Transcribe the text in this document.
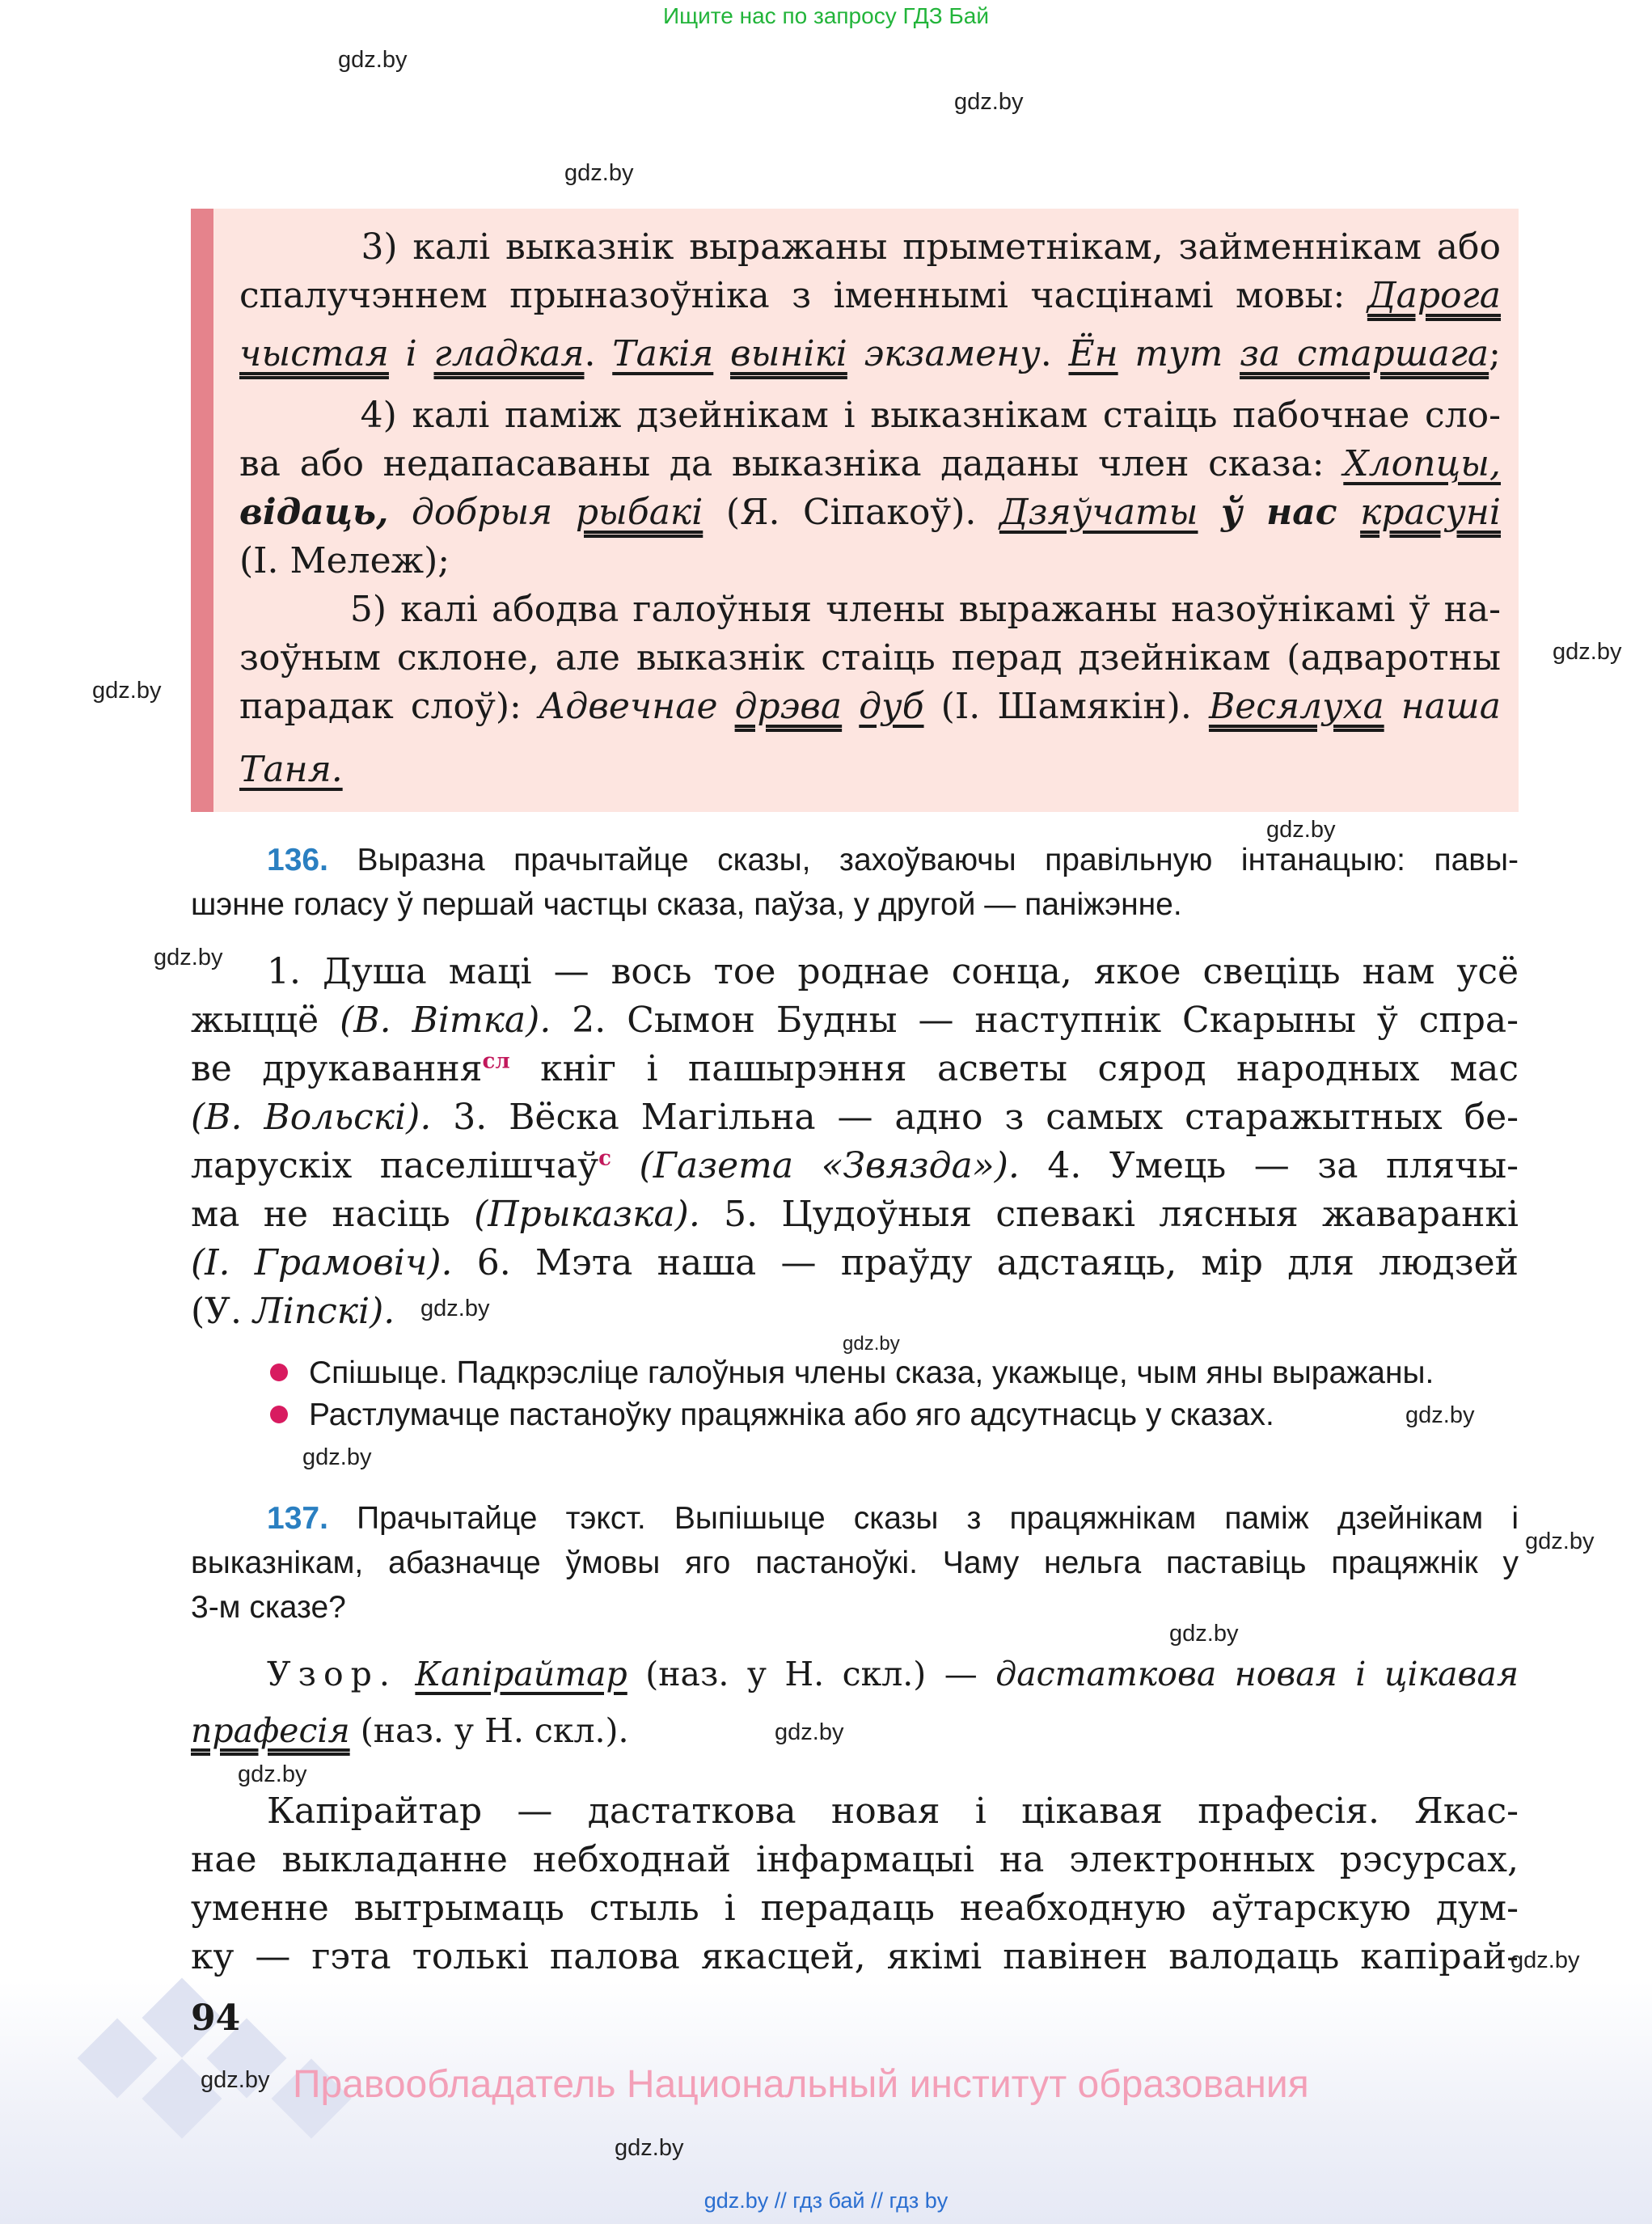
Ищите нас по запросу ГДЗ Бай
gdz.by
gdz.by
gdz.by
gdz.by
gdz.by
gdz.by
gdz.by
gdz.by
gdz.by
gdz.by
gdz.by
gdz.by
gdz.by
gdz.by
gdz.by
gdz.by
3) калі выказнік выражаны прыметнікам, займеннікам або
спалучэннем прыназоўніка з іменнымі часцінамі мовы: Дарога
чыстая і гладкая. Такія вынікі экзамену. Ён тут за старшага;
4) калі паміж дзейнікам і выказнікам стаіць пабочнае сло-
ва або недапасаваны да выказніка даданы член сказа: Хлопцы,
відаць, добрыя рыбакі (Я. Сіпакоў). Дзяўчаты ў нас красуні
(І. Мележ);
5) калі абодва галоўныя члены выражаны назоўнікамі ў на-
зоўным склоне, але выказнік стаіць перад дзейнікам (адваротны
парадак слоў): Адвечнае дрэва дуб (І. Шамякін). Весялуха наша
Таня.
136. Выразна прачытайце сказы, захоўваючы правільную інтанацыю: павы-
шэнне голасу ў першай частцы сказа, паўза, у другой — паніжэнне.
1. Душа маці — вось тое роднае сонца, якое свеціць нам усё
жыццё (В. Вітка). 2. Сымон Будны — наступнік Скарыны ў спра-
ве друкавання$^{сл}$ кніг і пашырэння асветы сярод народных мас
(В. Вольскі). 3. Вёска Магільна — адно з самых старажытных бе-
ларускіх паселішчаў$^с$ (Газета «Звязда»). 4. Умець — за плячы-
ма не насіць (Прыказка). 5. Цудоўныя спевакі лясныя жаваранкі
(І. Грамовіч). 6. Мэта наша — праўду адстаяць, мір для людзей
(У. Ліпскі).
Спішыце. Падкрэсліце галоўныя члены сказа, укажыце, чым яны выражаны.
Растлумачце пастаноўку працяжніка або яго адсутнасць у сказах.
137. Прачытайце тэкст. Выпішыце сказы з працяжнікам паміж дзейнікам і
выказнікам, абазначце ўмовы яго пастаноўкі. Чаму нельга паставіць працяжнік у
3-м сказе?
Узор. Капірайтар (наз. у Н. скл.) — дастаткова новая і цікавая
прафесія (наз. у Н. скл.).
Капірайтар — дастаткова новая і цікавая прафесія. Якас-
нае выкладанне небходнай інфармацыі на электронных рэсурсах,
уменне вытрымаць стыль і перадаць неабходную аўтарскую дум-
ку — гэта толькі палова якасцей, якімі павінен валодаць капірай-
94
gdz.by Правообладатель Национальный институт образования
gdz.by
gdz.by // гдз бай // гдз by
